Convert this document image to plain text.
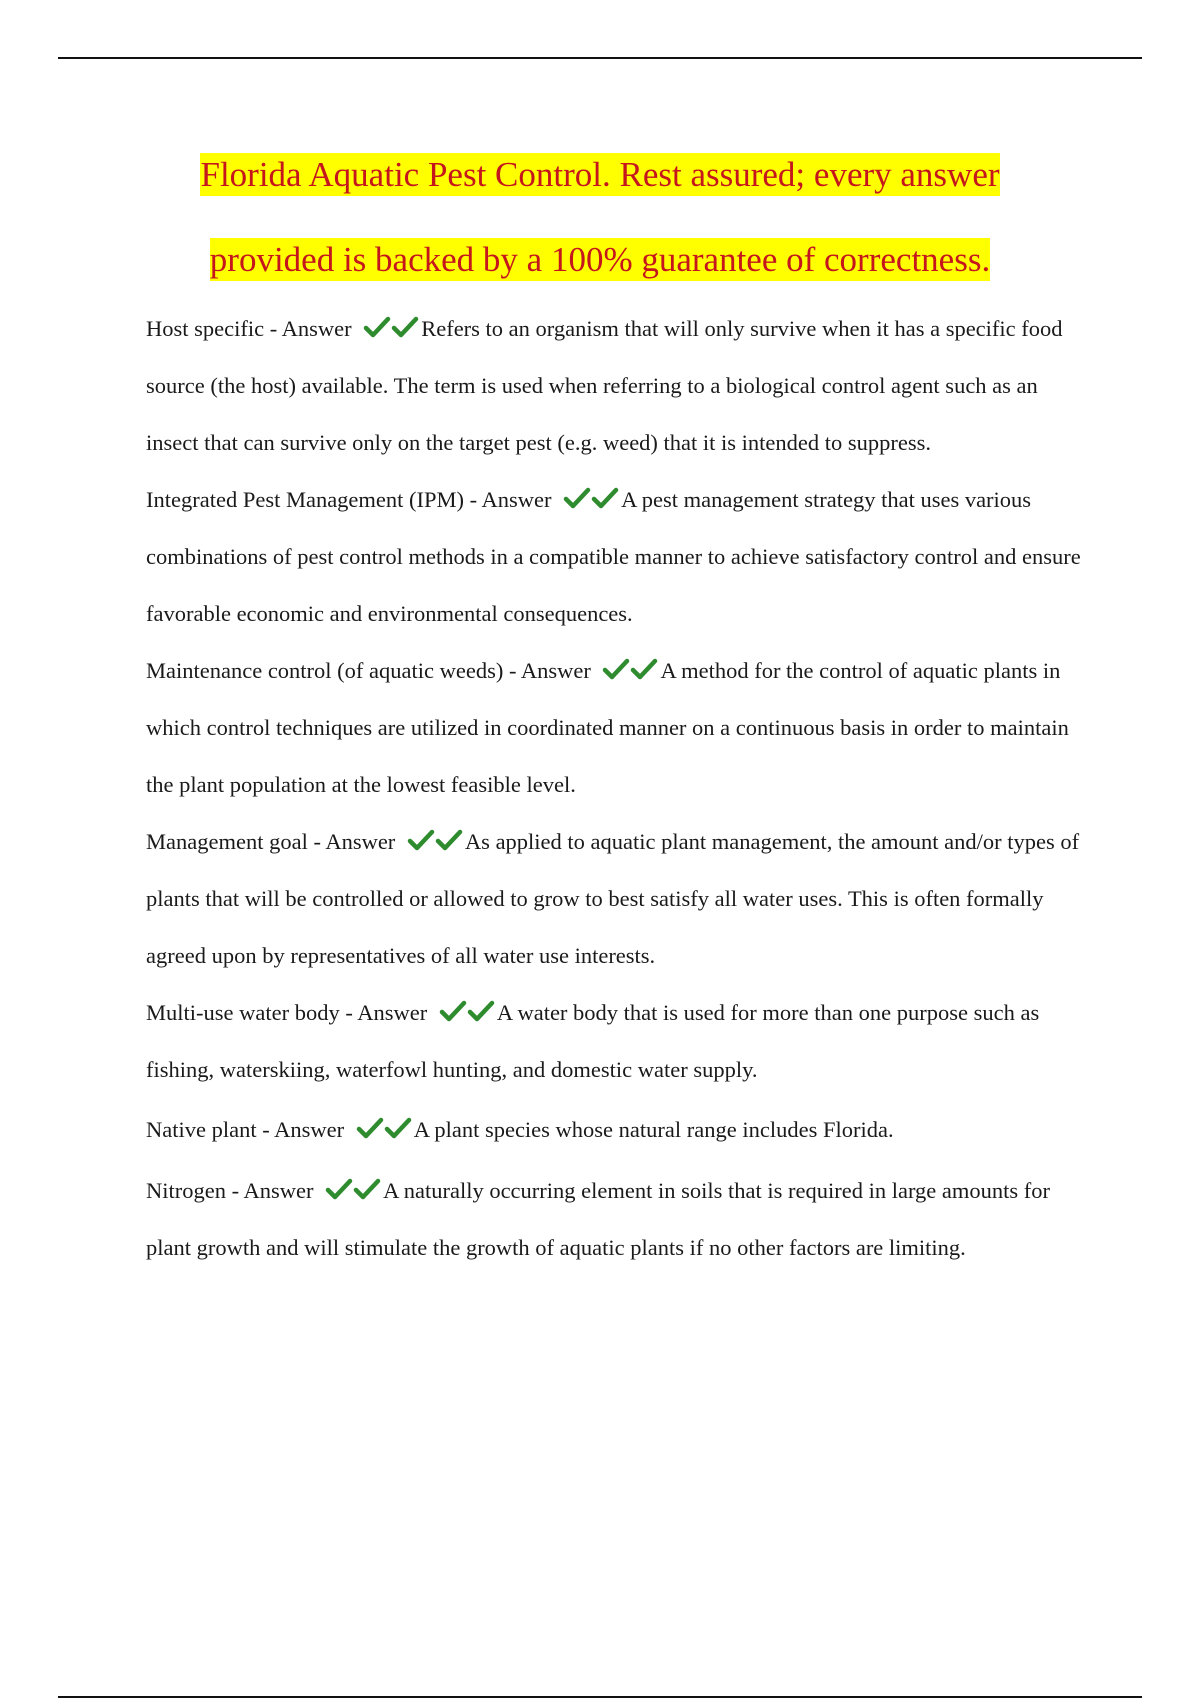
Florida Aquatic Pest Control. Rest assured; every answer
provided is backed by a 100% guarantee of correctness.

Host specific - Answer	Refers to an organism that will only survive when it has a specific food source (the host) available. The term is used when referring to a biological control agent such as an insect that can survive only on the target pest (e.g. weed) that it is intended to suppress.

Integrated Pest Management (IPM) - Answer	A pest management strategy that uses various combinations of pest control methods in a compatible manner to achieve satisfactory control and ensure favorable economic and environmental consequences.

Maintenance control (of aquatic weeds) - Answer	A method for the control of aquatic plants in which control techniques are utilized in coordinated manner on a continuous basis in order to maintain the plant population at the lowest feasible level.

Management goal - Answer	As applied to aquatic plant management, the amount and/or types of plants that will be controlled or allowed to grow to best satisfy all water uses. This is often formally agreed upon by representatives of all water use interests.

Multi-use water body - Answer	A water body that is used for more than one purpose such as fishing, waterskiing, waterfowl hunting, and domestic water supply.

Native plant - Answer	A plant species whose natural range includes Florida.

Nitrogen - Answer	A naturally occurring element in soils that is required in large amounts for plant growth and will stimulate the growth of aquatic plants if no other factors are limiting.
